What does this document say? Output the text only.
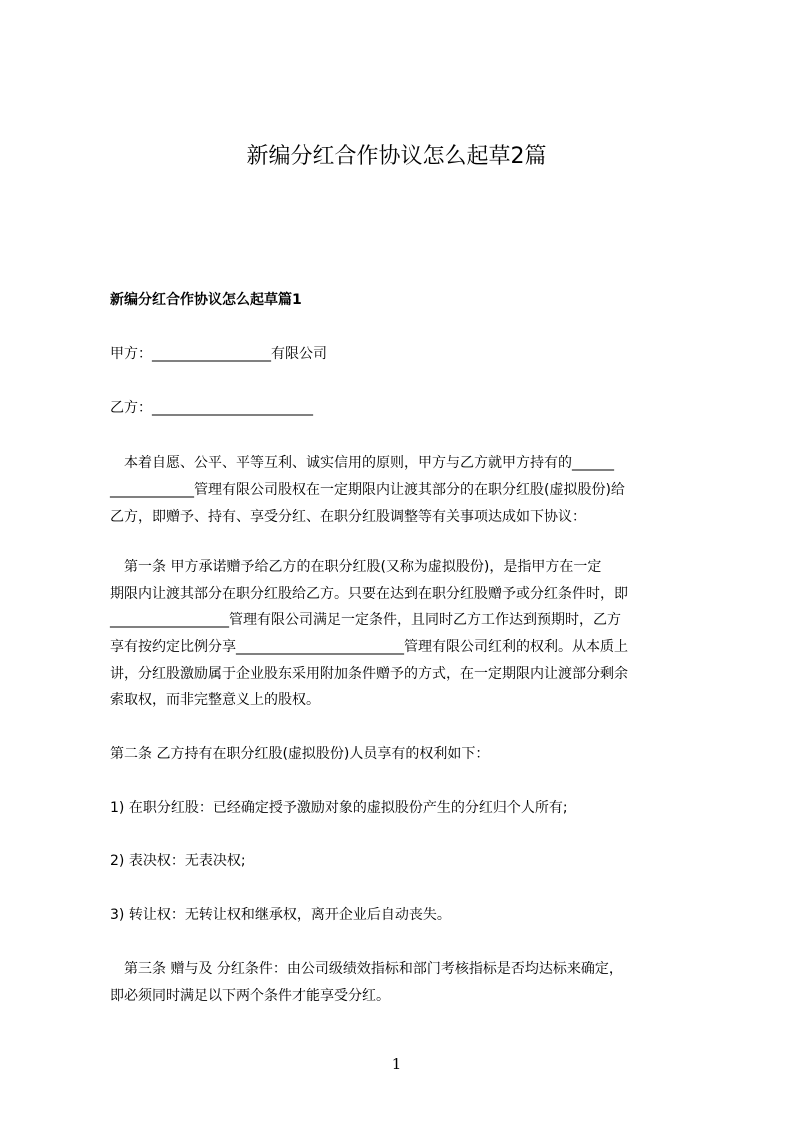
新编分红合作协议怎么起草2篇
新编分红合作协议怎么起草篇1
甲方：_________________有限公司
乙方：_______________________
　本着自愿、公平、平等互利、诚实信用的原则，甲方与乙方就甲方持有的______
____________管理有限公司股权在一定期限内让渡其部分的在职分红股(虚拟股份)给
乙方，即赠予、持有、享受分红、在职分红股调整等有关事项达成如下协议：
　第一条 甲方承诺赠予给乙方的在职分红股(又称为虚拟股份)，是指甲方在一定
期限内让渡其部分在职分红股给乙方。只要在达到在职分红股赠予或分红条件时，即
_________________管理有限公司满足一定条件，且同时乙方工作达到预期时，乙方
享有按约定比例分享________________________管理有限公司红利的权利。从本质上
讲，分红股激励属于企业股东采用附加条件赠予的方式，在一定期限内让渡部分剩余
索取权，而非完整意义上的股权。
第二条 乙方持有在职分红股(虚拟股份)人员享有的权利如下：
1) 在职分红股：已经确定授予激励对象的虚拟股份产生的分红归个人所有;
2) 表决权：无表决权;
3) 转让权：无转让权和继承权，离开企业后自动丧失。
　第三条 赠与及 分红条件：由公司级绩效指标和部门考核指标是否均达标来确定，
即必须同时满足以下两个条件才能享受分红。
1
